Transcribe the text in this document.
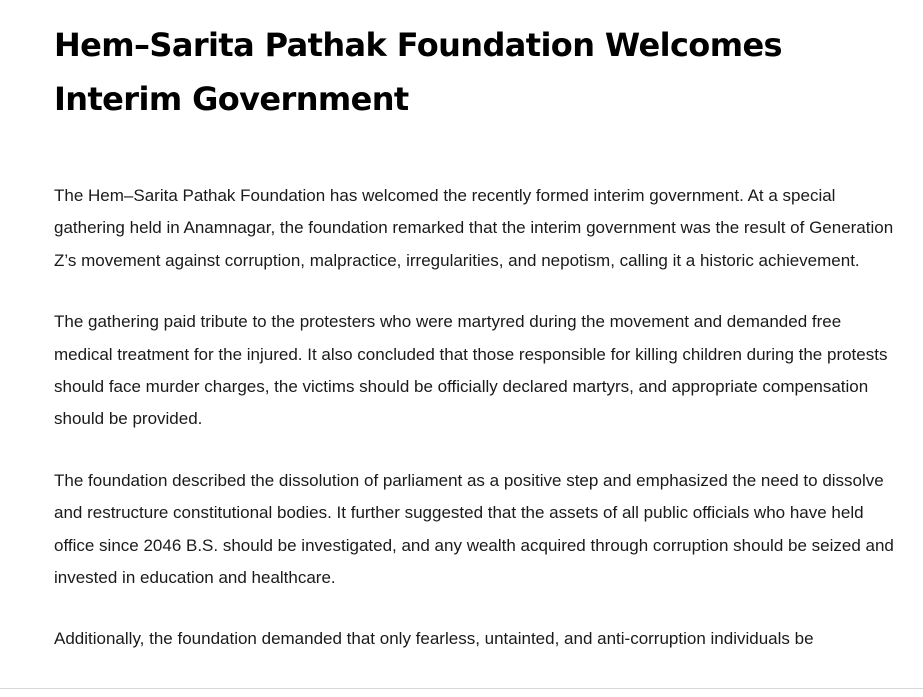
Hem–Sarita Pathak Foundation Welcomes Interim Government

The Hem–Sarita Pathak Foundation has welcomed the recently formed interim government. At a special gathering held in Anamnagar, the foundation remarked that the interim government was the result of Generation Z’s movement against corruption, malpractice, irregularities, and nepotism, calling it a historic achievement.

The gathering paid tribute to the protesters who were martyred during the movement and demanded free medical treatment for the injured. It also concluded that those responsible for killing children during the protests should face murder charges, the victims should be officially declared martyrs, and appropriate compensation should be provided.

The foundation described the dissolution of parliament as a positive step and emphasized the need to dissolve and restructure constitutional bodies. It further suggested that the assets of all public officials who have held office since 2046 B.S. should be investigated, and any wealth acquired through corruption should be seized and invested in education and healthcare.

Additionally, the foundation demanded that only fearless, untainted, and anti-corruption individuals be
